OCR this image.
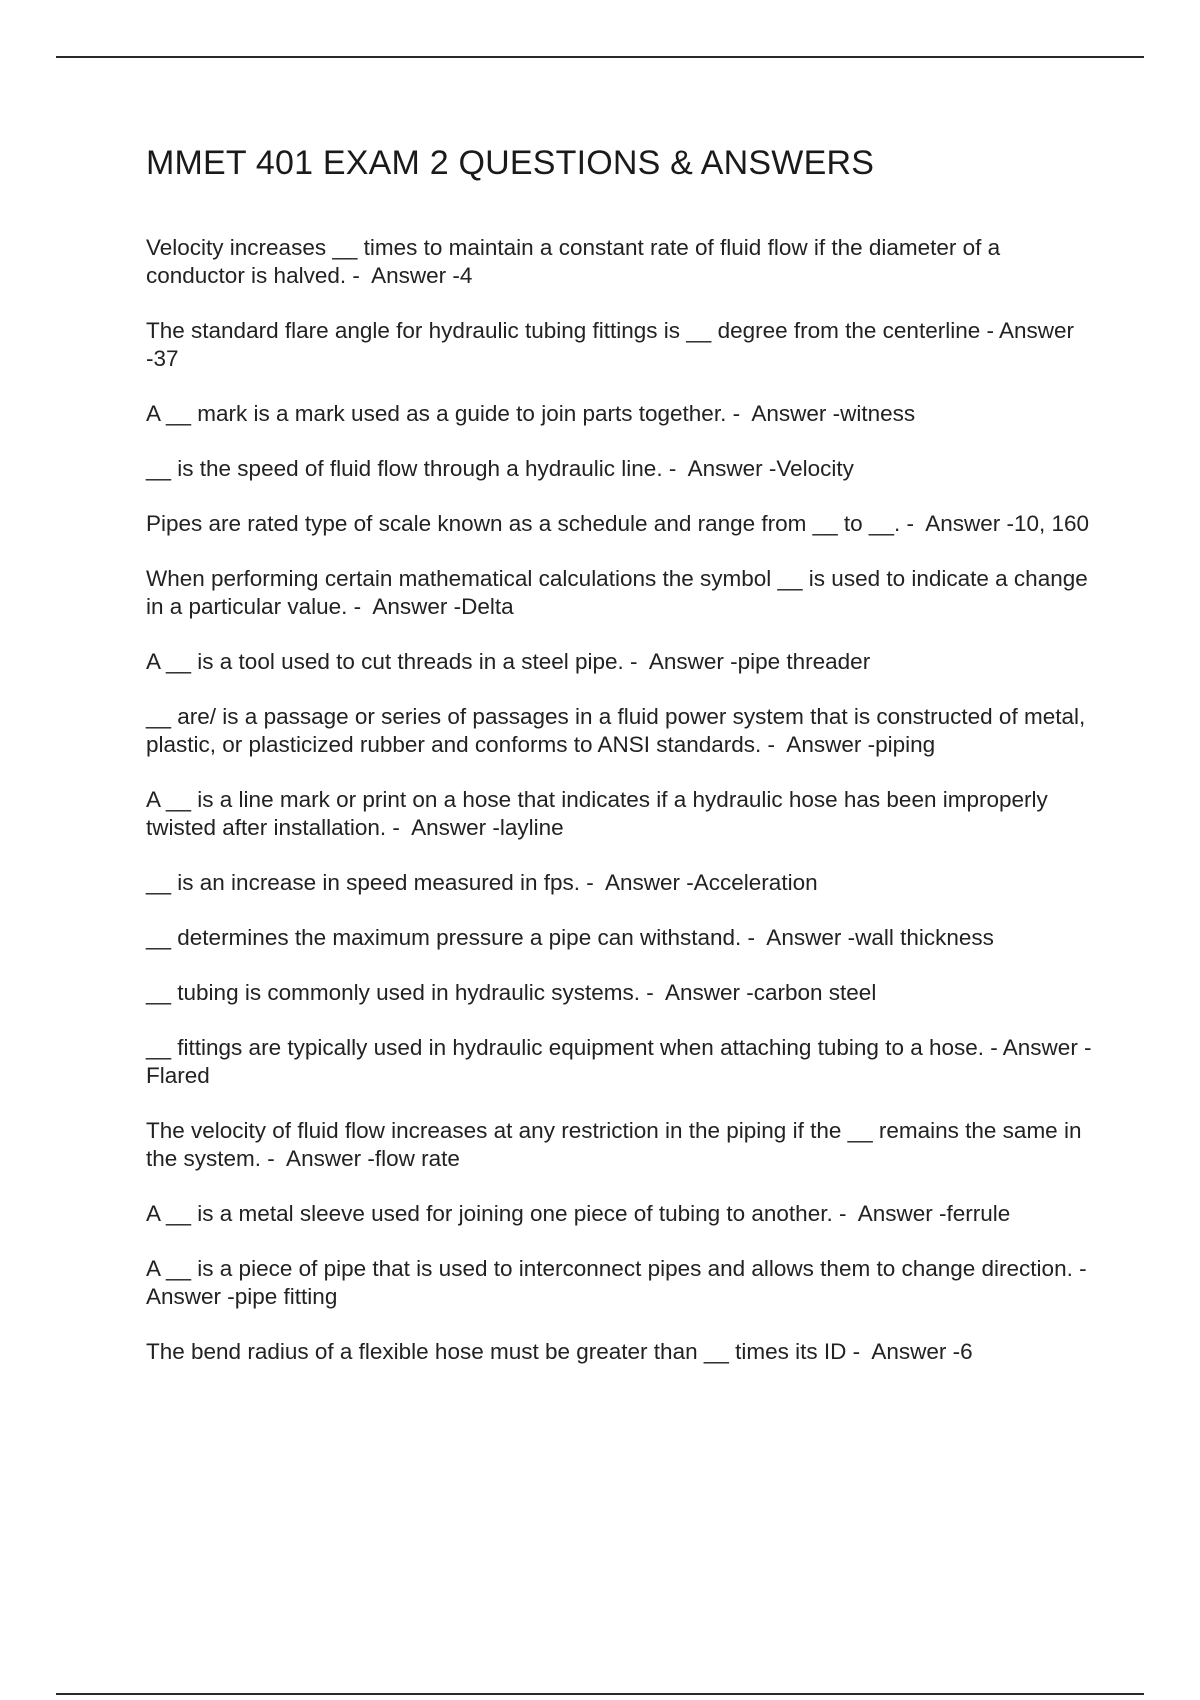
MMET 401 EXAM 2 QUESTIONS & ANSWERS
Velocity increases __ times to maintain a constant rate of fluid flow if the diameter of a conductor is halved. -  Answer -4
The standard flare angle for hydraulic tubing fittings is __ degree from the centerline - Answer -37
A __ mark is a mark used as a guide to join parts together. -  Answer -witness
__ is the speed of fluid flow through a hydraulic line. -  Answer -Velocity
Pipes are rated type of scale known as a schedule and range from __ to __. -  Answer -10, 160
When performing certain mathematical calculations the symbol __ is used to indicate a change in a particular value. -  Answer -Delta
A __ is a tool used to cut threads in a steel pipe. -  Answer -pipe threader
__ are/ is a passage or series of passages in a fluid power system that is constructed of metal, plastic, or plasticized rubber and conforms to ANSI standards. -  Answer -piping
A __ is a line mark or print on a hose that indicates if a hydraulic hose has been improperly twisted after installation. -  Answer -layline
__ is an increase in speed measured in fps. -  Answer -Acceleration
__ determines the maximum pressure a pipe can withstand. -  Answer -wall thickness
__ tubing is commonly used in hydraulic systems. -  Answer -carbon steel
__ fittings are typically used in hydraulic equipment when attaching tubing to a hose. - Answer -Flared
The velocity of fluid flow increases at any restriction in the piping if the __ remains the same in the system. -  Answer -flow rate
A __ is a metal sleeve used for joining one piece of tubing to another. -  Answer -ferrule
A __ is a piece of pipe that is used to interconnect pipes and allows them to change direction. -  Answer -pipe fitting
The bend radius of a flexible hose must be greater than __ times its ID -  Answer -6
